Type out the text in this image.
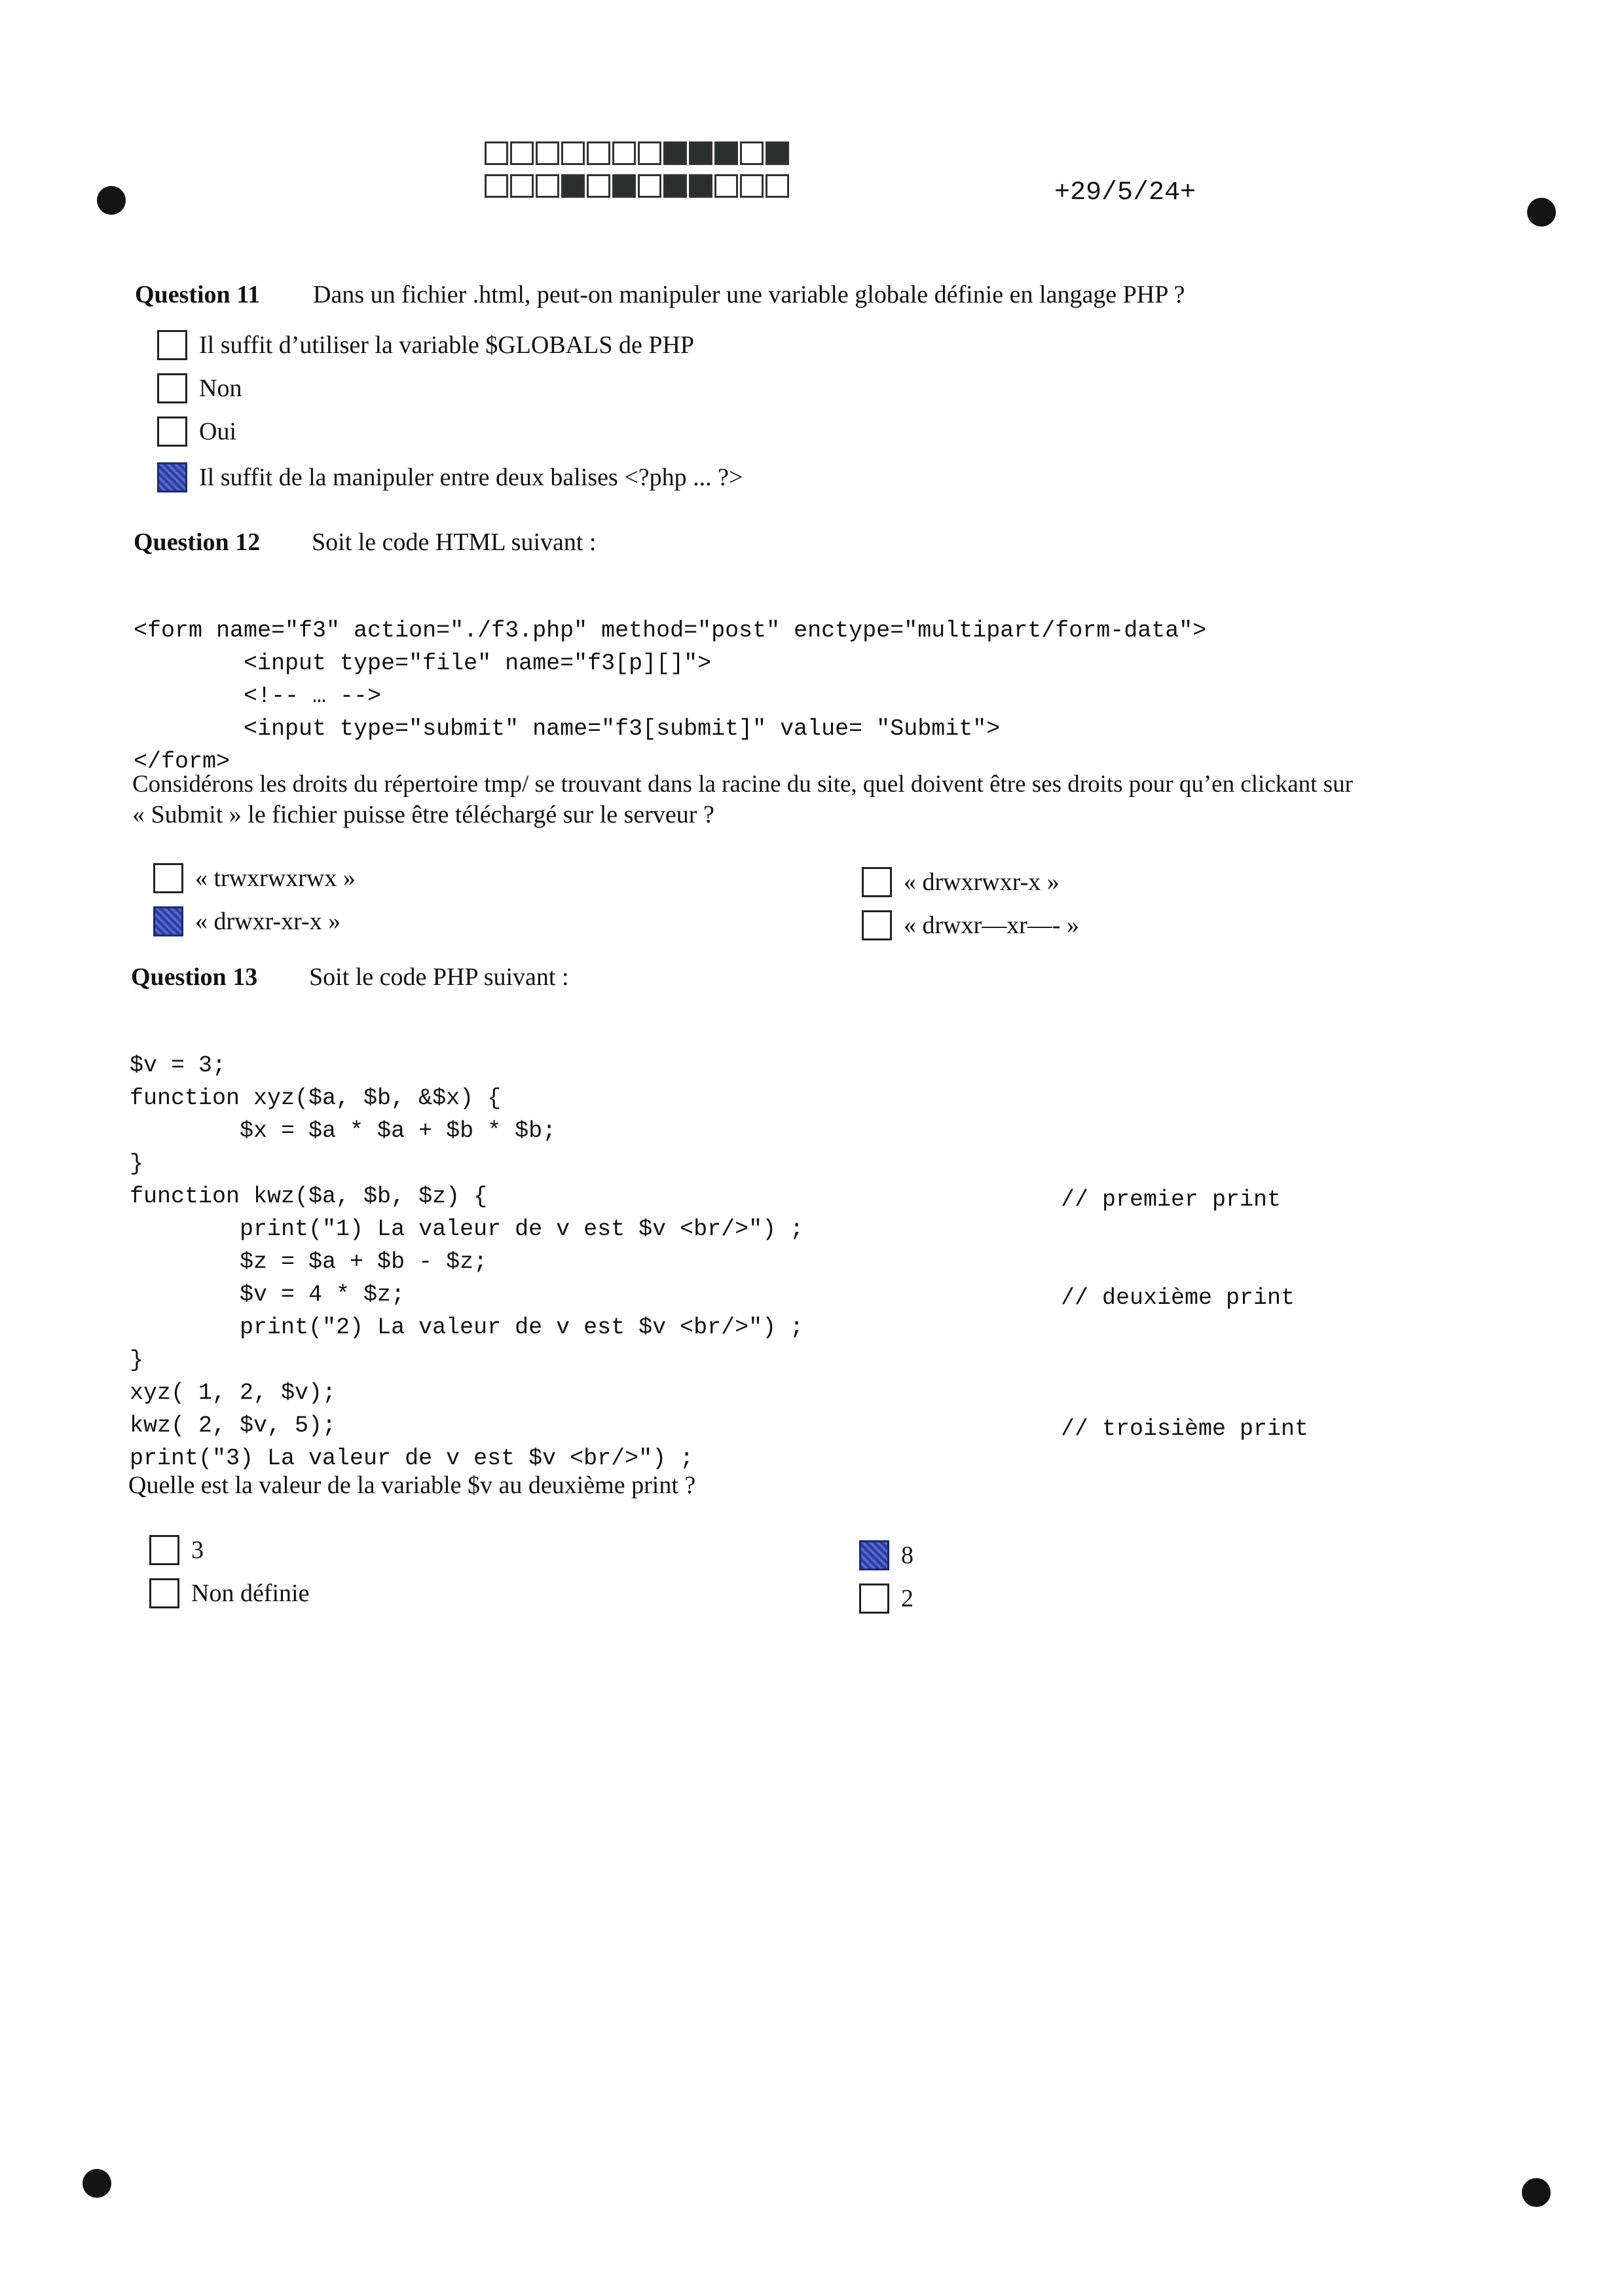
+29/5/24+
Question 11 Dans un fichier .html, peut-on manipuler une variable globale définie en langage PHP ?
Il suffit d’utiliser la variable $GLOBALS de PHP
Non
Oui
Il suffit de la manipuler entre deux balises <?php ... ?>
Question 12 Soit le code HTML suivant :

<form name="f3" action="./f3.php" method="post" enctype="multipart/form-data">
<input type="file" name="f3[p][]">
<!-- … -->
<input type="submit" name="f3[submit]" value= "Submit">
</form>

Considérons les droits du répertoire tmp/ se trouvant dans la racine du site, quel doivent être ses droits pour qu’en clickant sur
« Submit » le fichier puisse être téléchargé sur le serveur ?
« trwxrwxrwx »
« drwxr-xr-x »
« drwxrwxr-x »
« drwxr—xr—- »
Question 13 Soit le code PHP suivant :

$v = 3;
function xyz($a, $b, &$x) {
$x = $a * $a + $b * $b;
}
function kwz($a, $b, $z) {
print("1) La valeur de v est $v <br/>") ;
$z = $a + $b - $z;
$v = 4 * $z;
print("2) La valeur de v est $v <br/>") ;
}
xyz( 1, 2, $v);
kwz( 2, $v, 5);
print("3) La valeur de v est $v <br/>") ;

// premier print
// deuxième print
// troisième print
Quelle est la valeur de la variable $v au deuxième print ?
3
Non définie
8
2
